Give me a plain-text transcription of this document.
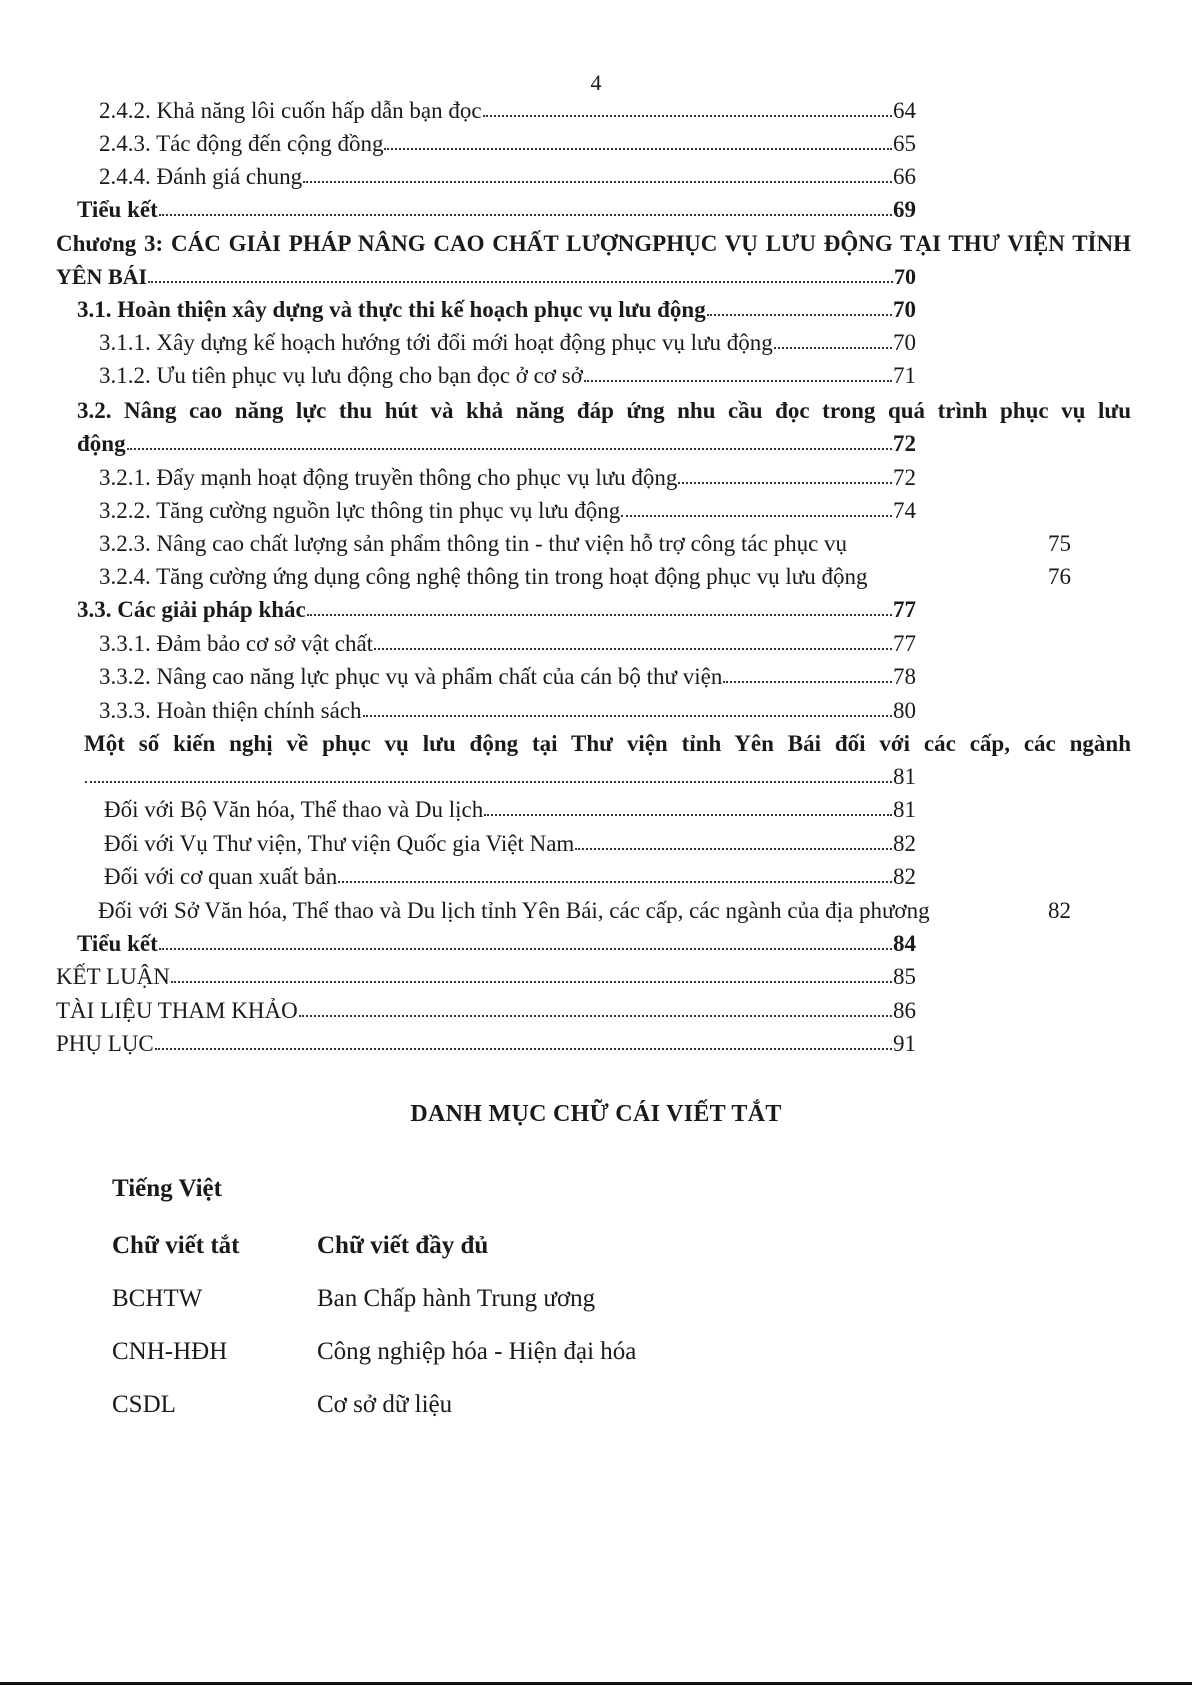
4
2.4.2. Khả năng lôi cuốn hấp dẫn bạn đọc	64
2.4.3. Tác động đến cộng đồng	65
2.4.4. Đánh giá chung	66
Tiểu kết	69
Chương 3: CÁC GIẢI PHÁP NÂNG CAO CHẤT LƯỢNGPHỤC VỤ LƯU ĐỘNG TẠI THƯ VIỆN TỈNH
YÊN BÁI	70
3.1. Hoàn thiện xây dựng và thực thi kế hoạch phục vụ lưu động	70
3.1.1. Xây dựng kế hoạch hướng tới đổi mới hoạt động phục vụ lưu động	70
3.1.2. Ưu tiên phục vụ lưu động cho bạn đọc ở cơ sở	71
3.2. Nâng cao năng lực thu hút và khả năng đáp ứng nhu cầu đọc trong quá trình phục vụ lưu
động	72
3.2.1. Đẩy mạnh hoạt động truyền thông cho phục vụ lưu động	72
3.2.2. Tăng cường nguồn lực thông tin phục vụ lưu động	74
3.2.3. Nâng cao chất lượng sản phẩm thông tin - thư viện hỗ trợ công tác phục vụ	75
3.2.4. Tăng cường ứng dụng công nghệ thông tin trong hoạt động phục vụ lưu động	76
3.3. Các giải pháp khác	77
3.3.1. Đảm bảo cơ sở vật chất	77
3.3.2. Nâng cao năng lực phục vụ và phẩm chất của cán bộ thư viện	78
3.3.3. Hoàn thiện chính sách	80
Một số kiến nghị về phục vụ lưu động tại Thư viện tỉnh Yên Bái đối với các cấp, các ngành
81
Đối với Bộ Văn hóa, Thể thao và Du lịch	81
Đối với Vụ Thư viện, Thư viện Quốc gia Việt Nam	82
Đối với cơ quan xuất bản	82
Đối với Sở Văn hóa, Thể thao và Du lịch tỉnh Yên Bái, các cấp, các ngành của địa phương	82
Tiểu kết	84
KẾT LUẬN	85
TÀI LIỆU THAM KHẢO	86
PHỤ LỤC	91
DANH MỤC CHỮ CÁI VIẾT TẮT
Tiếng Việt
Chữ viết tắt	Chữ viết đầy đủ
BCHTW	Ban Chấp hành Trung ương
CNH-HĐH	Công nghiệp hóa - Hiện đại hóa
CSDL	Cơ sở dữ liệu
